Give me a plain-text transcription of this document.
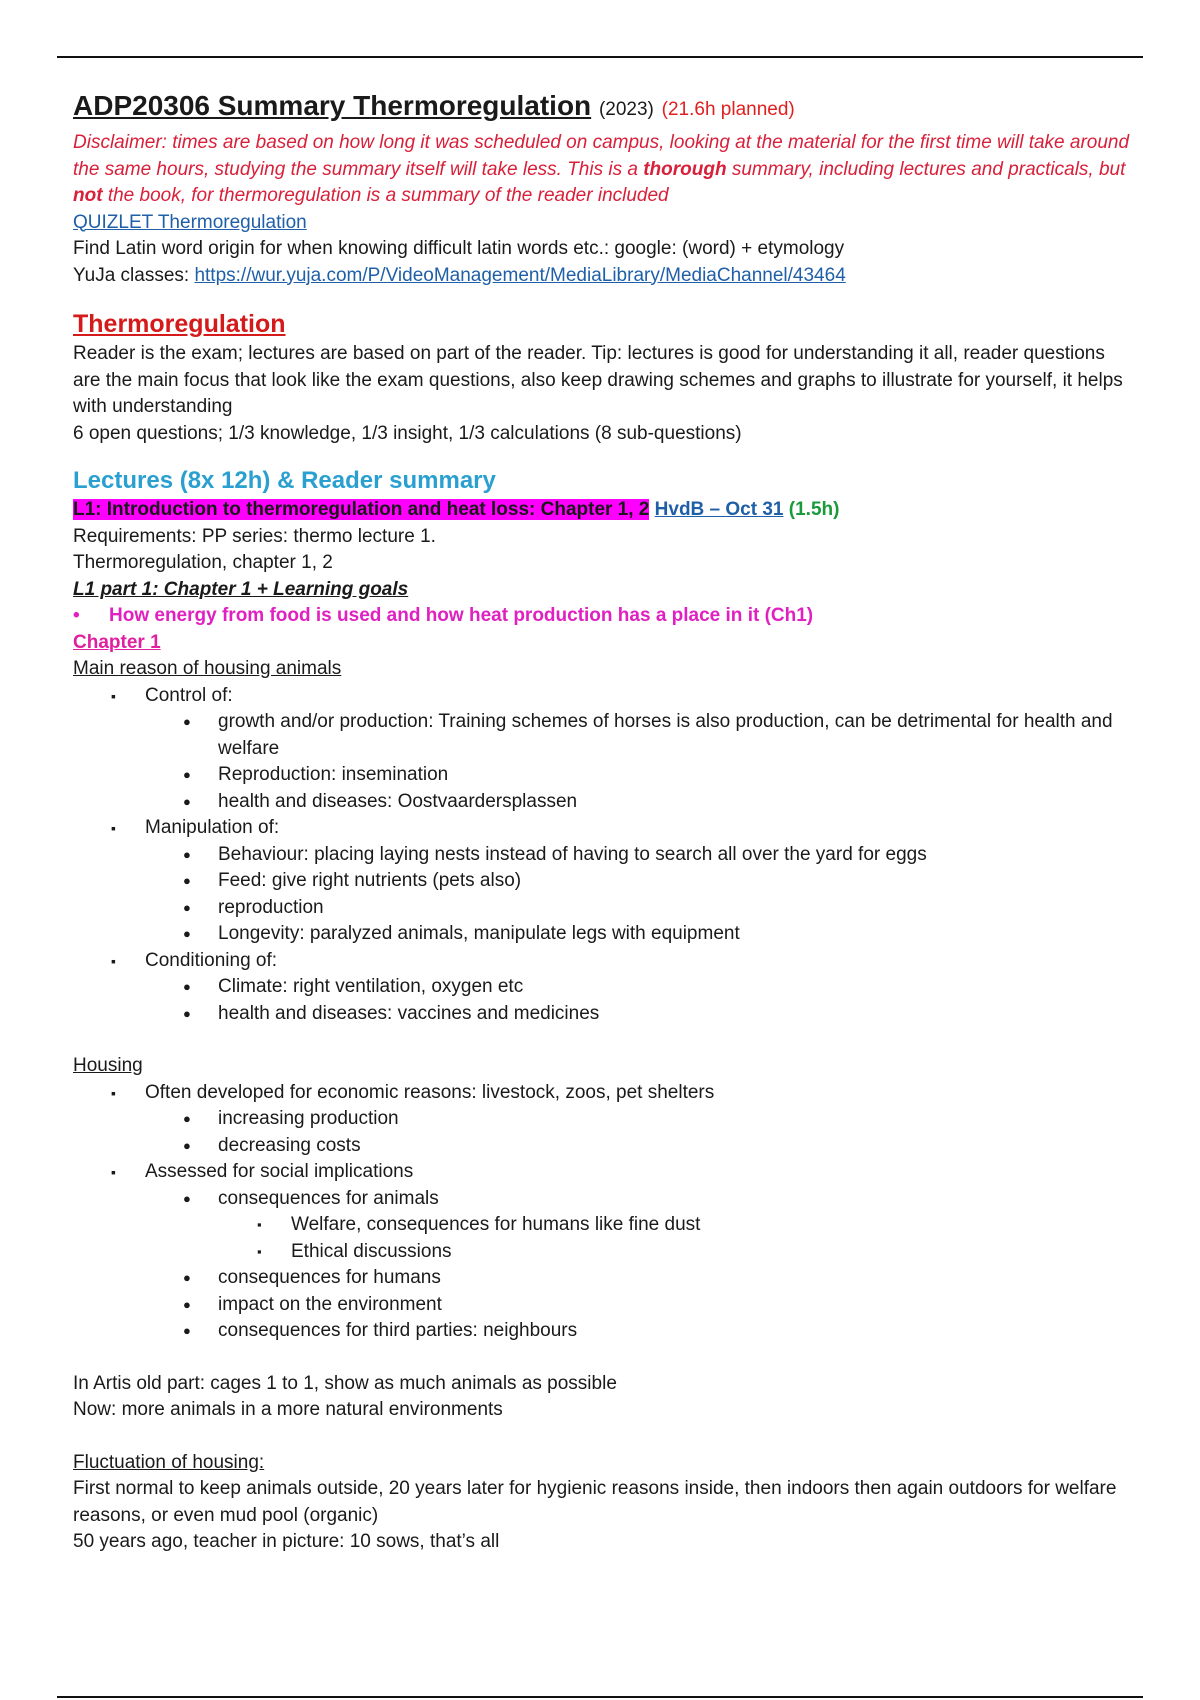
ADP20306 Summary Thermoregulation (2023) (21.6h planned)
Disclaimer: times are based on how long it was scheduled on campus, looking at the material for the first time will take around the same hours, studying the summary itself will take less. This is a thorough summary, including lectures and practicals, but not the book, for thermoregulation is a summary of the reader included
QUIZLET Thermoregulation
Find Latin word origin for when knowing difficult latin words etc.: google: (word) + etymology
YuJa classes: https://wur.yuja.com/P/VideoManagement/MediaLibrary/MediaChannel/43464
Thermoregulation
Reader is the exam; lectures are based on part of the reader. Tip: lectures is good for understanding it all, reader questions are the main focus that look like the exam questions, also keep drawing schemes and graphs to illustrate for yourself, it helps with understanding
6 open questions; 1/3 knowledge, 1/3 insight, 1/3 calculations (8 sub-questions)
Lectures (8x 12h) & Reader summary
L1: Introduction to thermoregulation and heat loss: Chapter 1, 2 HvdB – Oct 31 (1.5h)
Requirements: PP series: thermo lecture 1.
Thermoregulation, chapter 1, 2
L1 part 1: Chapter 1 + Learning goals
• How energy from food is used and how heat production has a place in it (Ch1)
Chapter 1
Main reason of housing animals
▪ Control of:
● growth and/or production: Training schemes of horses is also production, can be detrimental for health and welfare
● Reproduction: insemination
● health and diseases: Oostvaardersplassen
▪ Manipulation of:
● Behaviour: placing laying nests instead of having to search all over the yard for eggs
● Feed: give right nutrients (pets also)
● reproduction
● Longevity: paralyzed animals, manipulate legs with equipment
▪ Conditioning of:
● Climate: right ventilation, oxygen etc
● health and diseases: vaccines and medicines
Housing
▪ Often developed for economic reasons: livestock, zoos, pet shelters
● increasing production
● decreasing costs
▪ Assessed for social implications
● consequences for animals
▪ Welfare, consequences for humans like fine dust
▪ Ethical discussions
● consequences for humans
● impact on the environment
● consequences for third parties: neighbours
In Artis old part: cages 1 to 1, show as much animals as possible
Now: more animals in a more natural environments
Fluctuation of housing:
First normal to keep animals outside, 20 years later for hygienic reasons inside, then indoors then again outdoors for welfare reasons, or even mud pool (organic)
50 years ago, teacher in picture: 10 sows, that’s all
